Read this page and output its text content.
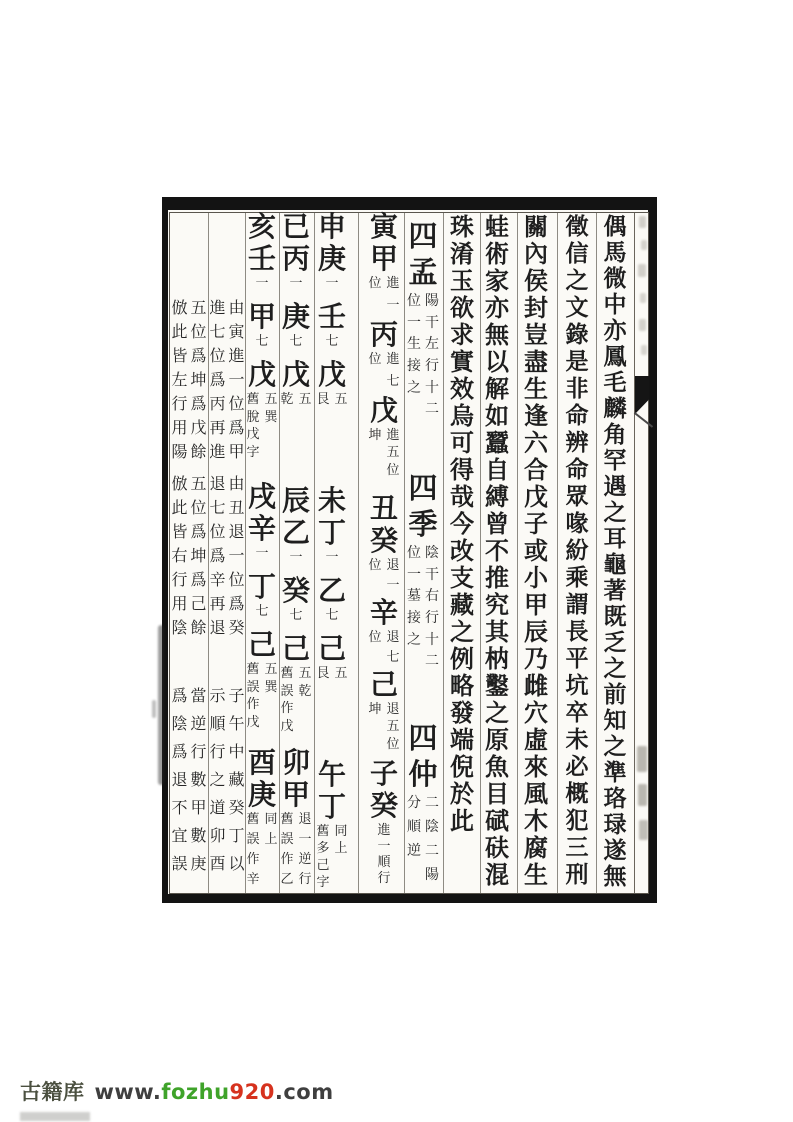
偶
馬
微
中
亦
鳳
毛
麟
角
罕
遇
之
耳
龜
著
既
乏
之
前
知
之
準
珞
琭
遂
無
徵
信
之
文
錄
是
非
命
辨
命
眾
喙
紛
乘
謂
長
平
坑
卒
未
必
概
犯
三
刑
關
內
侯
封
豈
盡
生
逢
六
合
戊
子
或
小
甲
辰
乃
雌
穴
虛
來
風
木
腐
生
蛙
術
家
亦
無
以
解
如
蠶
自
縛
曾
不
推
究
其
枘
鑿
之
原
魚
目
碔
砆
混
珠
淆
玉
欲
求
實
效
烏
可
得
哉
今
改
支
藏
之
例
略
發
端
倪
於
此
四
孟
陽
干
左
行
十
二
位
一
生
接
之
四
季
陰
干
右
行
十
二
位
一
墓
接
之
四
仲
二
陰
二
陽
分
順
逆
寅
甲
進
一
位
丙
進
七
位
戊
進
五
位
坤
丑
癸
退
一
位
辛
退
七
位
己
退
五
位
坤
子
癸
進
一
順
行
申
庚
一
壬
七
戊
五
艮
未
丁
一
乙
七
己
五
艮
午
丁
同
上
舊
多
己
字
已
丙
一
庚
七
戊
五
乾
辰
乙
一
癸
七
己
五
乾
舊
誤
作
戊
卯
甲
退
一
逆
行
舊
誤
作
乙
亥
壬
一
甲
七
戊
五
巽
舊
脫
戊
字
戌
辛
一
丁
七
己
五
巽
舊
誤
作
戊
酉
庚
同
上
舊
誤
作
辛
由
寅
進
一
位
爲
甲
進
七
位
爲
丙
再
進
由
丑
退
一
位
爲
癸
退
七
位
爲
辛
再
退
子
午
中
藏
癸
丁
以
示
順
行
之
道
卯
酉
五
位
爲
坤
爲
戊
餘
倣
此
皆
左
行
用
陽
五
位
爲
坤
爲
己
餘
倣
此
皆
右
行
用
陰
當
逆
行
數
甲
數
庚
爲
陰
爲
退
不
宜
誤
古籍库 www.fozhu920.com
